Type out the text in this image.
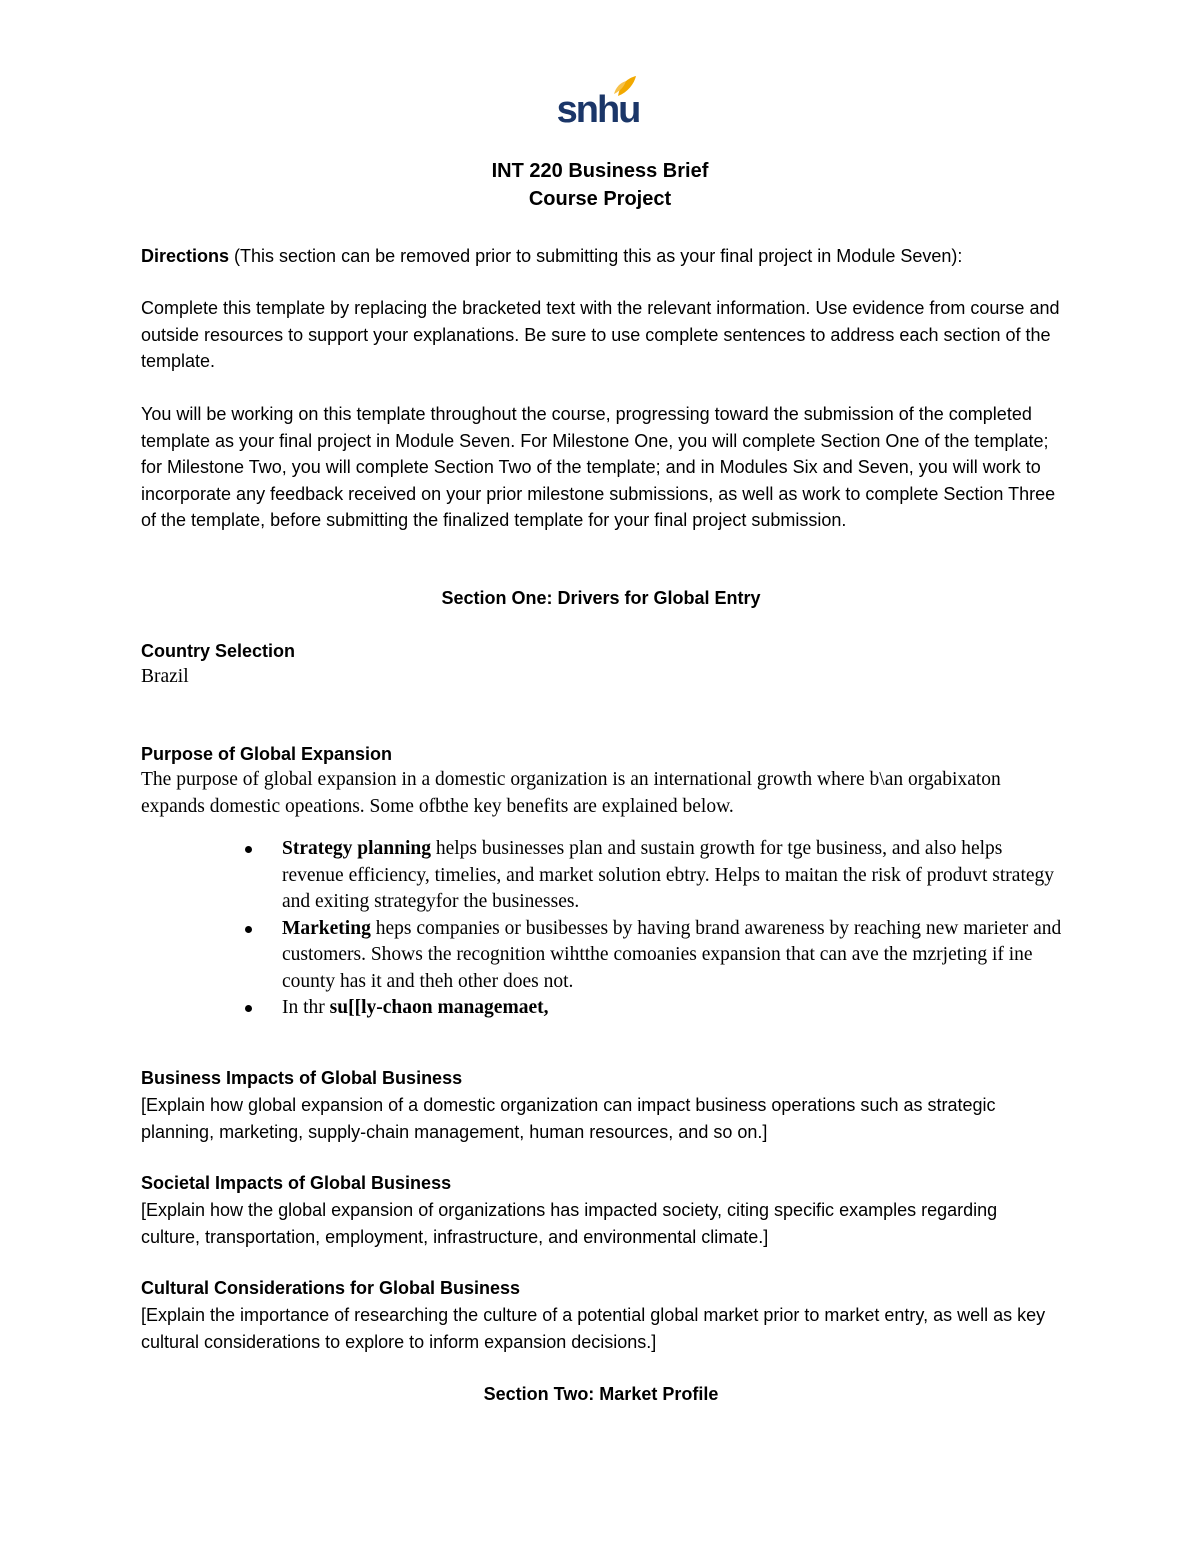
snhu
INT 220 Business Brief
Course Project

Directions (This section can be removed prior to submitting this as your final project in Module Seven):

Complete this template by replacing the bracketed text with the relevant information. Use evidence from course and outside resources to support your explanations. Be sure to use complete sentences to address each section of the template.

You will be working on this template throughout the course, progressing toward the submission of the completed template as your final project in Module Seven. For Milestone One, you will complete Section One of the template; for Milestone Two, you will complete Section Two of the template; and in Modules Six and Seven, you will work to incorporate any feedback received on your prior milestone submissions, as well as work to complete Section Three of the template, before submitting the finalized template for your final project submission.

Section One: Drivers for Global Entry

Country Selection

Brazil

Purpose of Global Expansion

The purpose of global expansion in a domestic organization is an international growth where b\an orgabixaton expands domestic opeations. Some ofbthe key benefits are explained below.

Strategy planning helps businesses plan and sustain growth for tge business, and also helps revenue efficiency, timelies, and market solution ebtry. Helps to maitan the risk of produvt strategy and exiting strategyfor the businesses.
Marketing heps companies or busibesses by having brand awareness by reaching new marieter and customers. Shows the recognition wihtthe comoanies expansion that can ave the mzrjeting if ine county has it and theh other does not.
In thr su[[ly-chaon managemaet,

Business Impacts of Global Business

[Explain how global expansion of a domestic organization can impact business operations such as strategic planning, marketing, supply-chain management, human resources, and so on.]

Societal Impacts of Global Business

[Explain how the global expansion of organizations has impacted society, citing specific examples regarding culture, transportation, employment, infrastructure, and environmental climate.]

Cultural Considerations for Global Business

[Explain the importance of researching the culture of a potential global market prior to market entry, as well as key cultural considerations to explore to inform expansion decisions.]

Section Two: Market Profile
